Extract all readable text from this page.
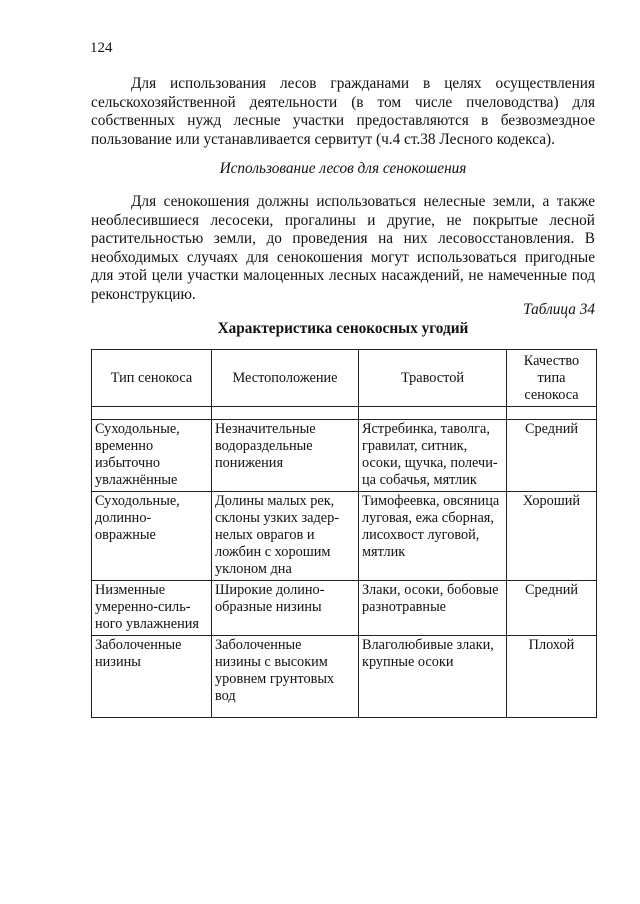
124

Для использования лесов гражданами в целях осуществления сельскохозяйственной деятельности (в том числе пчеловодства) для собственных нужд лесные участки предоставляются в безвозмездное пользование или устанавливается сервитут (ч.4 ст.38 Лесного кодекса).

Использование лесов для сенокошения

Для сенокошения должны использоваться нелесные земли, а также необлесившиеся лесосеки, прогалины и другие, не покрытые лесной растительностью земли, до проведения на них лесовосстановления. В необходимых случаях для сенокошения могут использоваться пригодные для этой цели участки малоценных лесных насаждений, не намеченные под реконструкцию.

Таблица 34
Характеристика сенокосных угодий
Тип сенокоса	Местоположение	Травостой	Качество типа сенокоса

Суходольные,
временно
избыточно
увлажнённые	Незначительные
водораздельные
понижения	Ястребинка, таволга,
гравилат, ситник,
осоки, щучка, полечи-
ца собачья, мятлик	Средний

Суходольные,
долинно-
овражные	Долины малых рек,
склоны узких задер-
нелых оврагов и
ложбин с хорошим
уклоном дна	Тимофеевка, овсяница
луговая, ежа сборная,
лисохвост луговой,
мятлик	Хороший

Низменные
умеренно-силь-
ного увлажнения	Широкие долино-
образные низины	Злаки, осоки, бобовые
разнотравные	Средний

Заболоченные
низины	Заболоченные
низины с высоким
уровнем грунтовых
вод	Влаголюбивые злаки,
крупные осоки	Плохой
